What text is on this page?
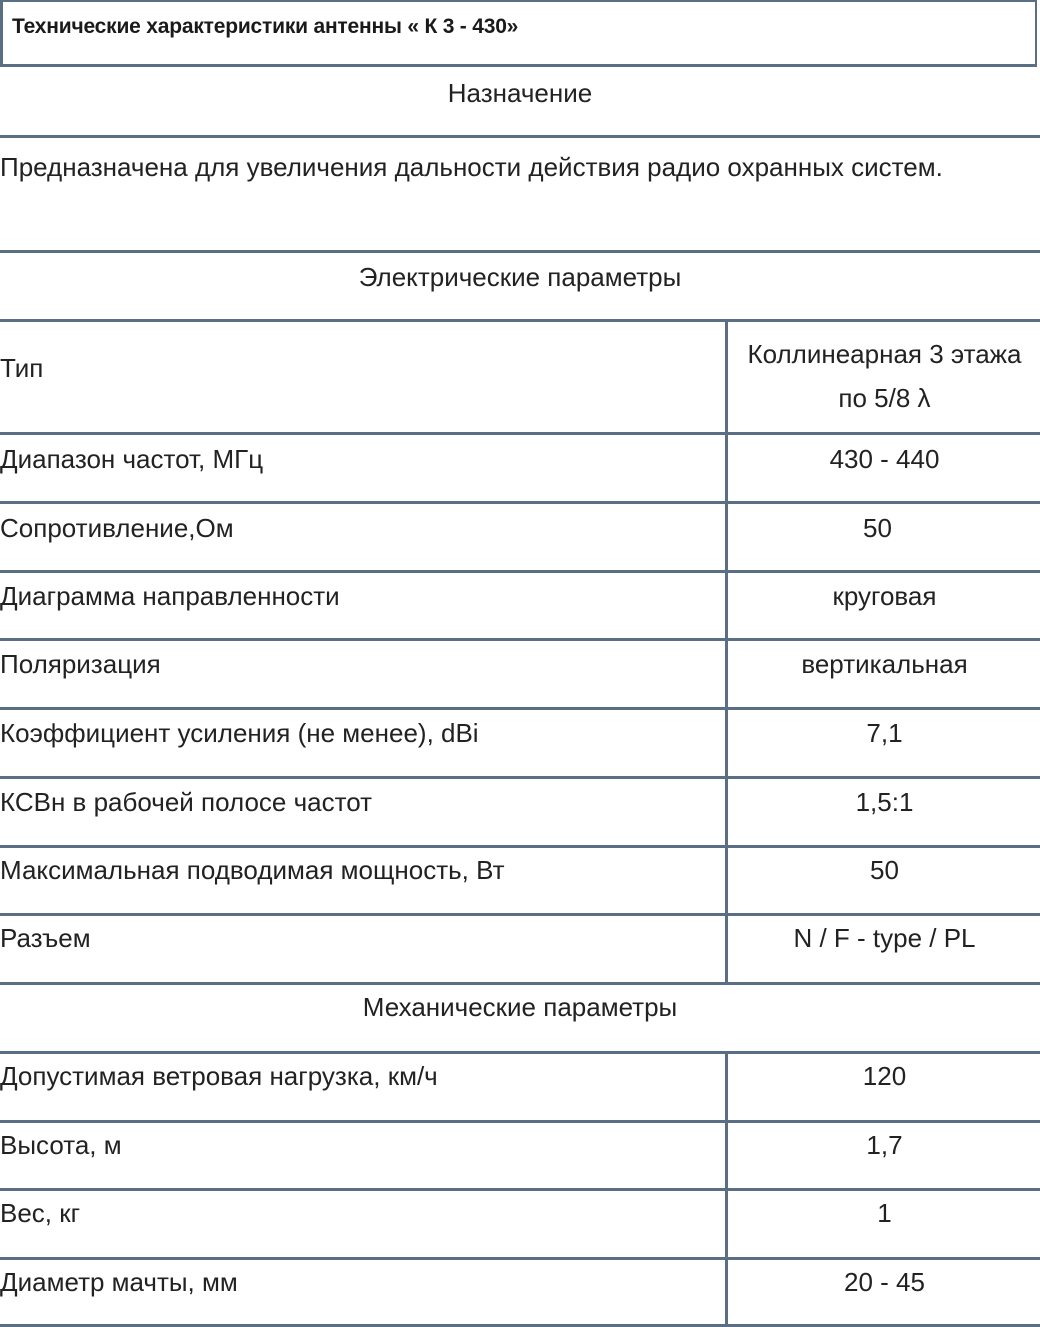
Технические характеристики антенны « К 3 - 430»
Назначение
Предназначена для увеличения дальности действия радио охранных систем.
Электрические параметры
Тип	Коллинеарная 3 этажа
по 5/8 λ
Диапазон частот, МГц	430 - 440
Сопротивление,Ом	50
Диаграмма направленности	круговая
Поляризация	вертикальная
Коэффициент усиления (не менее), dBi	7,1
КСВн в рабочей полосе частот	1,5:1
Максимальная подводимая мощность, Вт	50
Разъем	N / F - type / PL
Механические параметры
Допустимая ветровая нагрузка, км/ч	120
Высота, м	1,7
Вес, кг	1
Диаметр мачты, мм	20 - 45
